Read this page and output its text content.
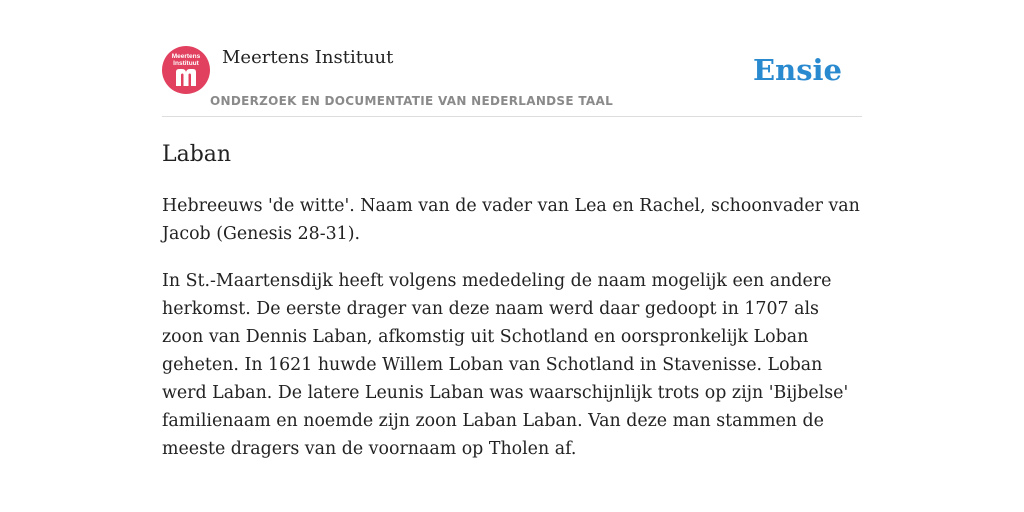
Meertens
Instituut	Meertens Instituut
ONDERZOEK EN DOCUMENTATIE VAN NEDERLANDSE TAAL
Ensie
Laban

Hebreeuws 'de witte'. Naam van de vader van Lea en Rachel, schoonvader van Jacob (Genesis 28-31).

In St.-Maartensdijk heeft volgens mededeling de naam mogelijk een andere herkomst. De eerste drager van deze naam werd daar gedoopt in 1707 als zoon van Dennis Laban, afkomstig uit Schotland en oorspronkelijk Loban geheten. In 1621 huwde Willem Loban van Schotland in Stavenisse. Loban werd Laban. De latere Leunis Laban was waarschijnlijk trots op zijn 'Bijbelse' familienaam en noemde zijn zoon Laban Laban. Van deze man stammen de meeste dragers van de voornaam op Tholen af.
